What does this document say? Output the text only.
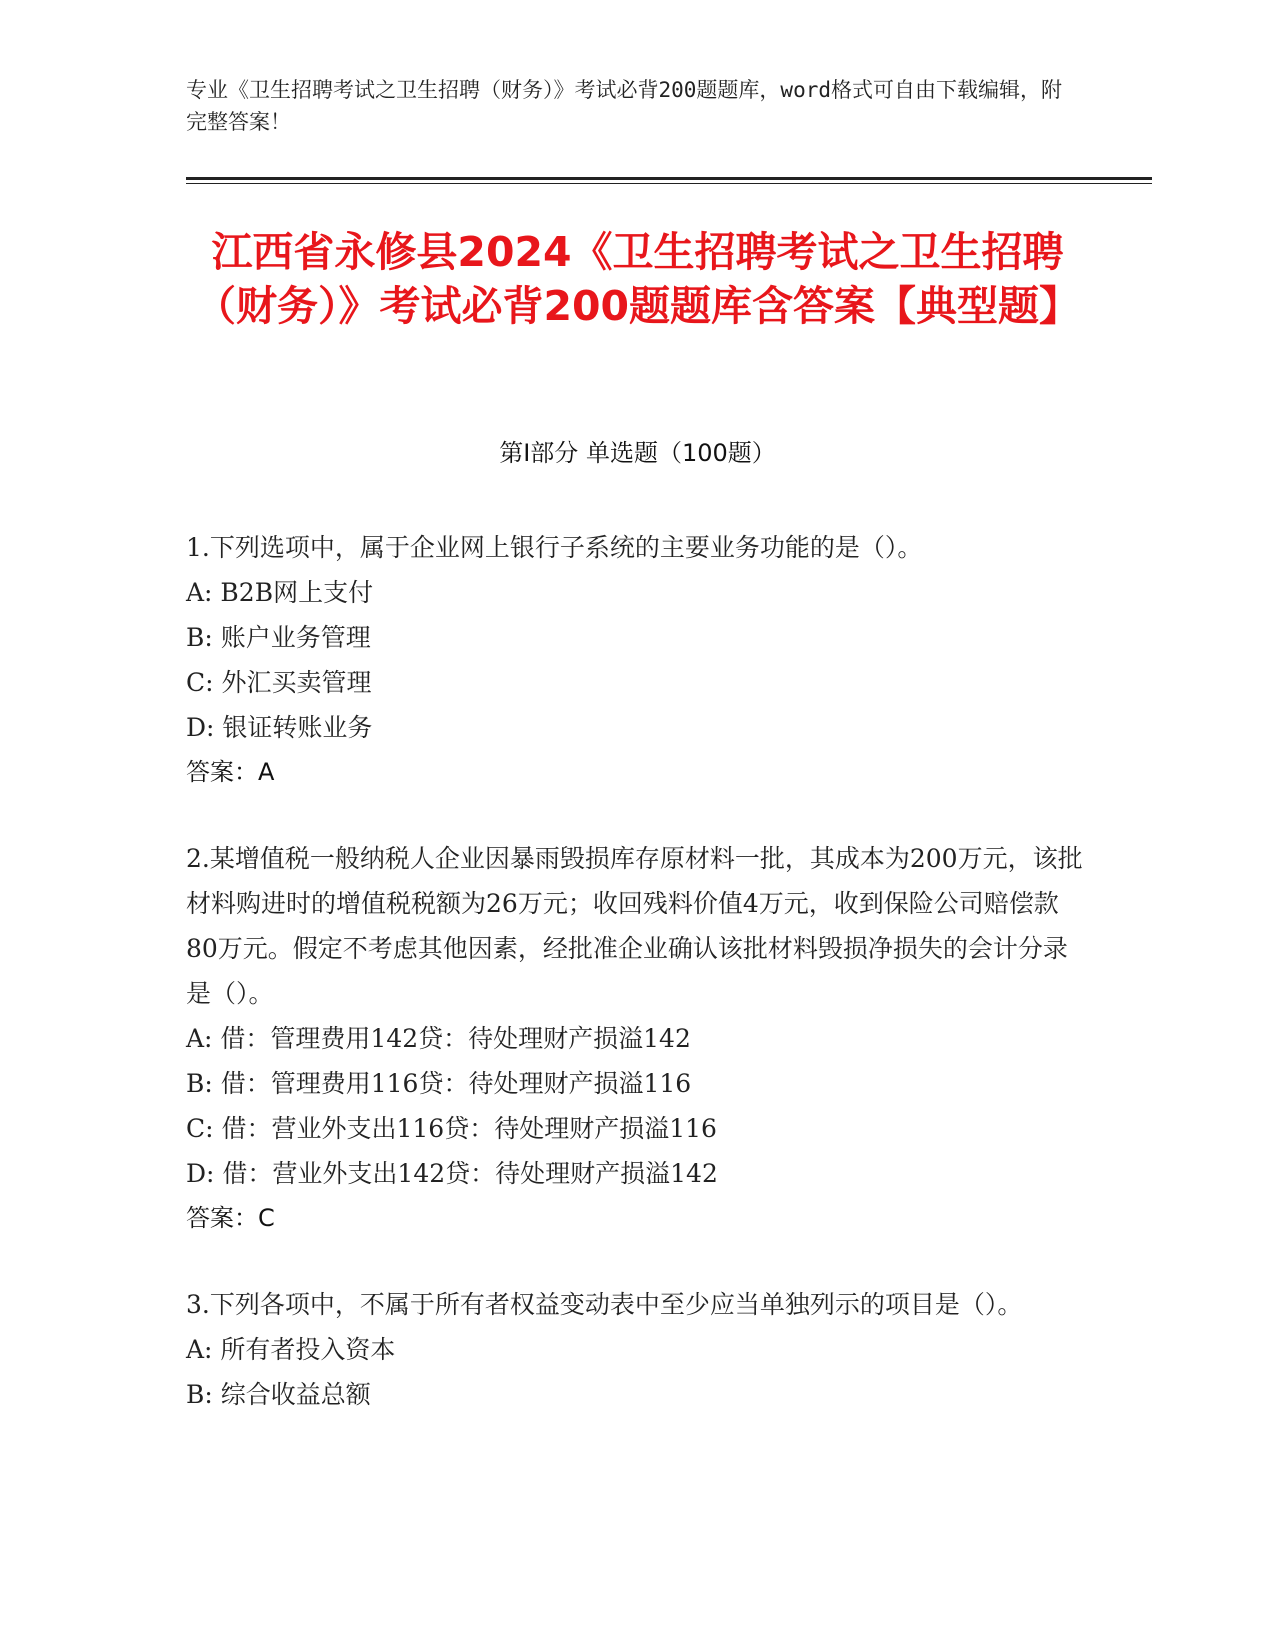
专业《卫生招聘考试之卫生招聘（财务）》考试必背200题题库，word格式可自由下载编辑，附完整答案！
江西省永修县2024《卫生招聘考试之卫生招聘（财务）》考试必背200题题库含答案【典型题】
第I部分 单选题（100题）
1.下列选项中，属于企业网上银行子系统的主要业务功能的是（）。
A: B2B网上支付
B: 账户业务管理
C: 外汇买卖管理
D: 银证转账业务
答案：A
2.某增值税一般纳税人企业因暴雨毁损库存原材料一批，其成本为200万元，该批材料购进时的增值税税额为26万元；收回残料价值4万元，收到保险公司赔偿款80万元。假定不考虑其他因素，经批准企业确认该批材料毁损净损失的会计分录是（）。
A: 借：管理费用142贷：待处理财产损溢142
B: 借：管理费用116贷：待处理财产损溢116
C: 借：营业外支出116贷：待处理财产损溢116
D: 借：营业外支出142贷：待处理财产损溢142
答案：C
3.下列各项中，不属于所有者权益变动表中至少应当单独列示的项目是（）。
A: 所有者投入资本
B: 综合收益总额
